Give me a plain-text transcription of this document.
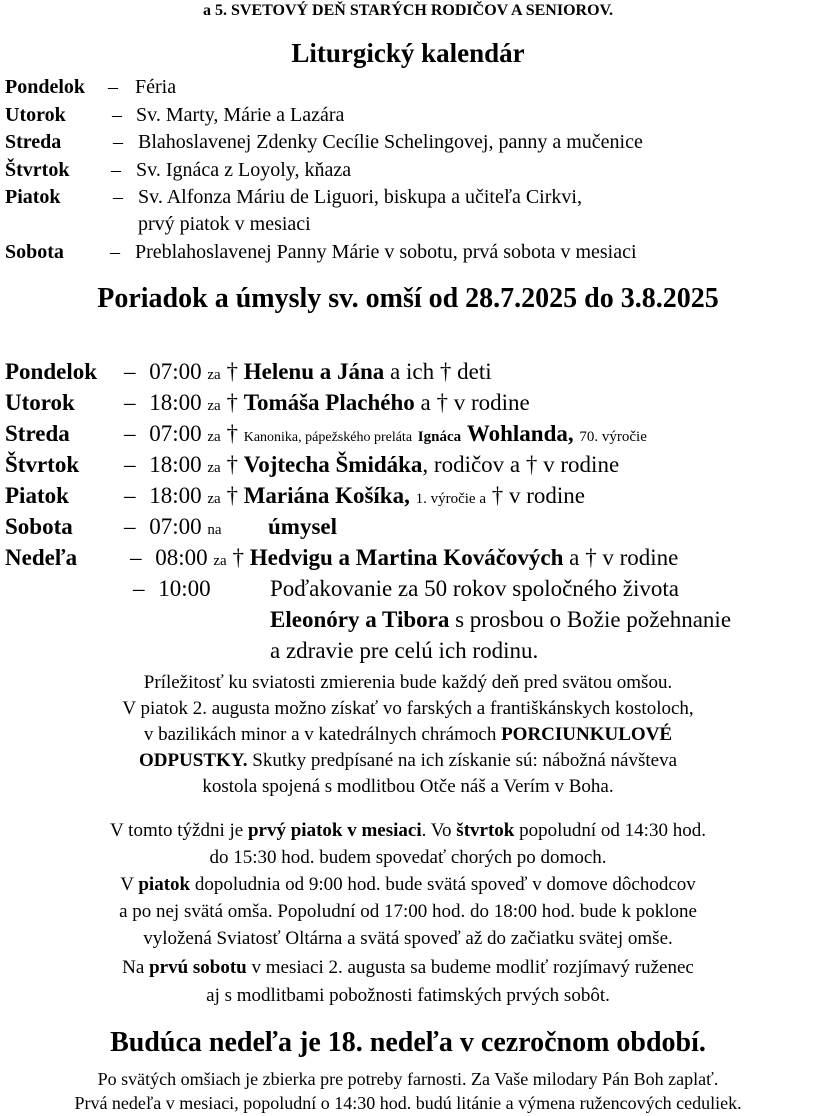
a 5. SVETOVÝ DEŇ STARÝCH RODIČOV A SENIOROV.
Liturgický kalendár
Pondelok – Féria
Utorok – Sv. Marty, Márie a Lazára
Streda	– Blahoslavenej Zdenky Cecílie Schelingovej, panny a mučenice
Štvrtok – Sv. Ignáca z Loyoly, kňaza
Piatok	– Sv. Alfonza Máriu de Liguori, biskupa a učiteľa Cirkvi,
prvý piatok v mesiaci
Sobota – Preblahoslavenej Panny Márie v sobotu, prvá sobota v mesiaci
Poriadok a úmysly sv. omší od 28.7.2025 do 3.8.2025
Pondelok – 07:00 za † Helenu a Jána a ich † deti
Utorok – 18:00 za † Tomáša Plachého a † v rodine
Streda – 07:00 za † Kanonika, pápežského preláta Ignáca Wohlanda, 70. výročie
Štvrtok – 18:00 za † Vojtecha Šmidáka, rodičov a † v rodine
Piatok – 18:00 za † Mariána Košíka, 1. výročie a † v rodine
Sobota – 07:00 na úmysel
Nedeľa – 08:00 za † Hedvigu a Martina Kováčových a † v rodine
– 10:00	Poďakovanie za 50 rokov spoločného života
Eleonóry a Tibora s prosbou o Božie požehnanie
a zdravie pre celú ich rodinu.
Príležitosť ku sviatosti zmierenia bude každý deň pred svätou omšou.
V piatok 2. augusta možno získať vo farských a františkánskych kostoloch,
v bazilikách minor a v katedrálnych chrámoch PORCIUNKULOVÉ
ODPUSTKY. Skutky predpísané na ich získanie sú: nábožná návšteva
kostola spojená s modlitbou Otče náš a Verím v Boha.
V tomto týždni je prvý piatok v mesiaci. Vo štvrtok popoludní od 14:30 hod.
do 15:30 hod. budem spovedať chorých po domoch.
V piatok dopoludnia od 9:00 hod. bude svätá spoveď v domove dôchodcov
a po nej svätá omša. Popoludní od 17:00 hod. do 18:00 hod. bude k poklone
vyložená Sviatosť Oltárna a svätá spoveď až do začiatku svätej omše.
Na prvú sobotu v mesiaci 2. augusta sa budeme modliť rozjímavý ruženec
aj s modlitbami pobožnosti fatimských prvých sobôt.
Budúca nedeľa je 18. nedeľa v cezročnom období.
Po svätých omšiach je zbierka pre potreby farnosti. Za Vaše milodary Pán Boh zaplať.
Prvá nedeľa v mesiaci, popoludní o 14:30 hod. budú litánie a výmena ružencových ceduliek.
